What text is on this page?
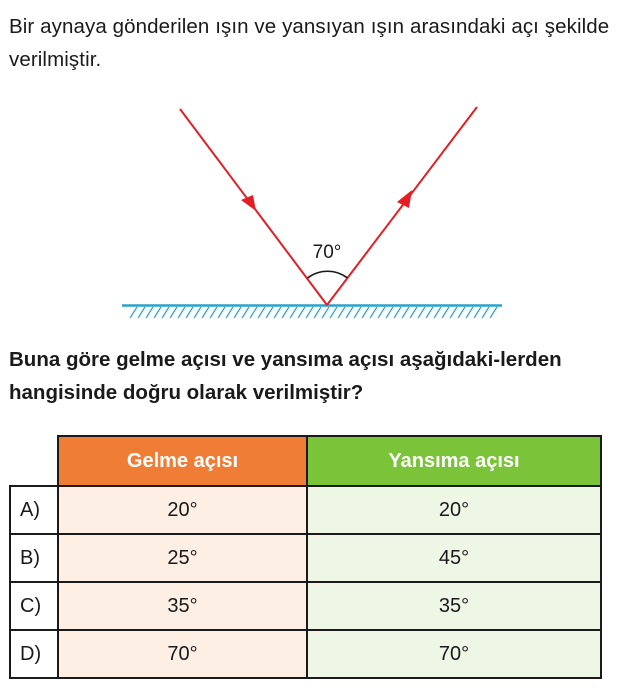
Bir aynaya gönderilen ışın ve yansıyan ışın arasındaki açı şekilde verilmiştir.
70°
Buna göre gelme açısı ve yansıma açısı aşağıdaki-lerden hangisinde doğru olarak verilmiştir?
	Gelme açısı	Yansıma açısı
A)	20°	20°
B)	25°	45°
C)	35°	35°
D)	70°	70°
